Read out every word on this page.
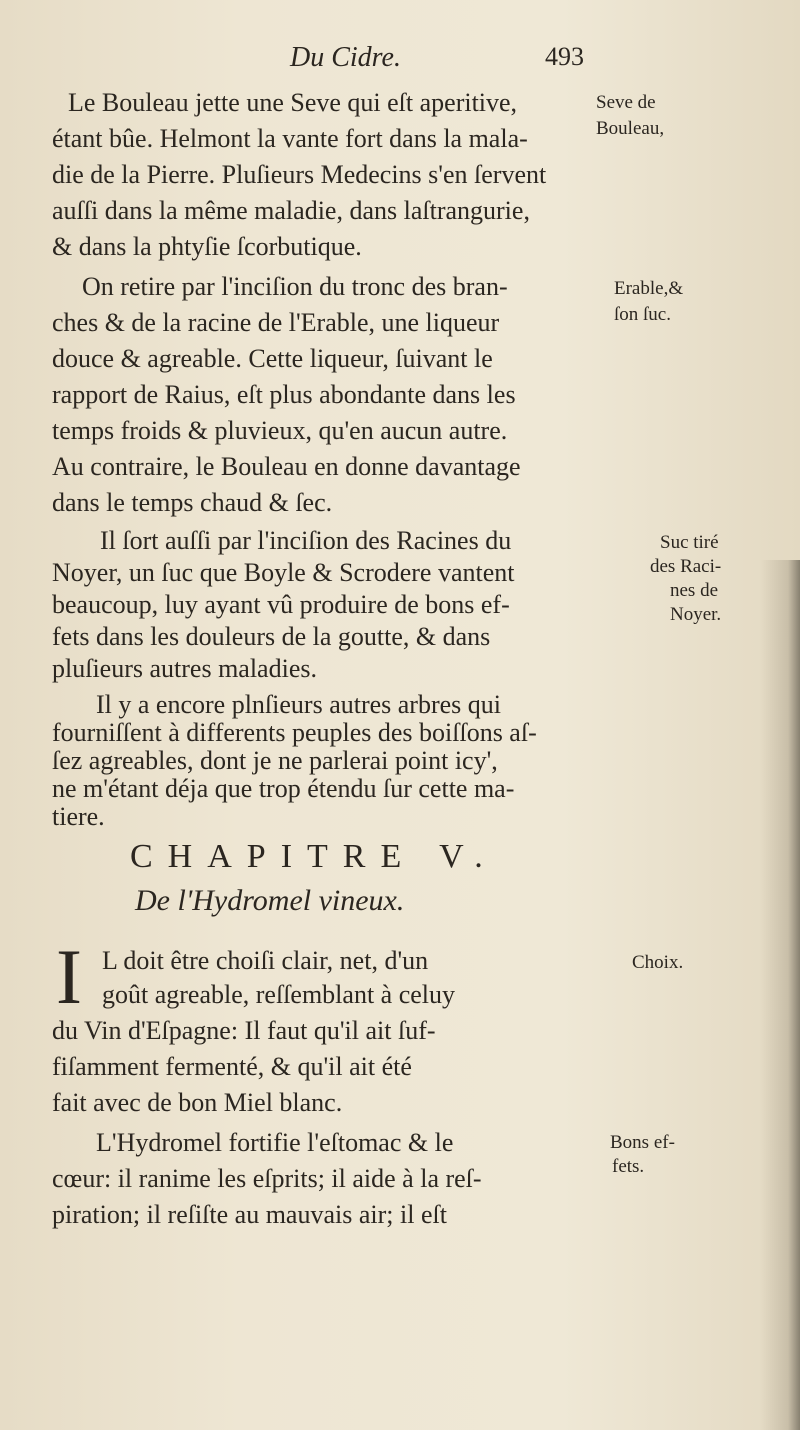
Du Cidre.	493
Le Bouleau jette une Seve qui eſt aperitive,
étant bûe. Helmont la vante fort dans la mala-
die de la Pierre. Pluſieurs Medecins s'en ſervent
auſſi dans la même maladie, dans laſtrangurie,
& dans la phtyſie ſcorbutique.
On retire par l'inciſion du tronc des bran-
ches & de la racine de l'Erable, une liqueur
douce & agreable. Cette liqueur, ſuivant le
rapport de Raius, eſt plus abondante dans les
temps froids & pluvieux, qu'en aucun autre.
Au contraire, le Bouleau en donne davantage
dans le temps chaud & ſec.
Il ſort auſſi par l'inciſion des Racines du
Noyer, un ſuc que Boyle & Scrodere vantent
beaucoup, luy ayant vû produire de bons ef-
fets dans les douleurs de la goutte, & dans
pluſieurs autres maladies.
Il y a encore plnſieurs autres arbres qui
fourniſſent à differents peuples des boiſſons aſ-
ſez agreables, dont je ne parlerai point icy',
Seve de
Bouleau,
Erable,&
ſon ſuc.
Suc tiré
des Raci-
nes de
Noyer.
ne m'étant déja que trop étendu ſur cette ma-
tiere.
CHAPITRE V.
De l'Hydromel vineux.
I L doit être choiſi clair, net, d'un
goût agreable, reſſemblant à celuy
du Vin d'Eſpagne: Il faut qu'il ait ſuf-
fiſamment fermenté, & qu'il ait été
fait avec de bon Miel blanc.
L'Hydromel fortifie l'eſtomac & le
cœur: il ranime les eſprits; il aide à la reſ-
piration; il reſiſte au mauvais air; il eſt
Choix.
Bons ef-
fets.
